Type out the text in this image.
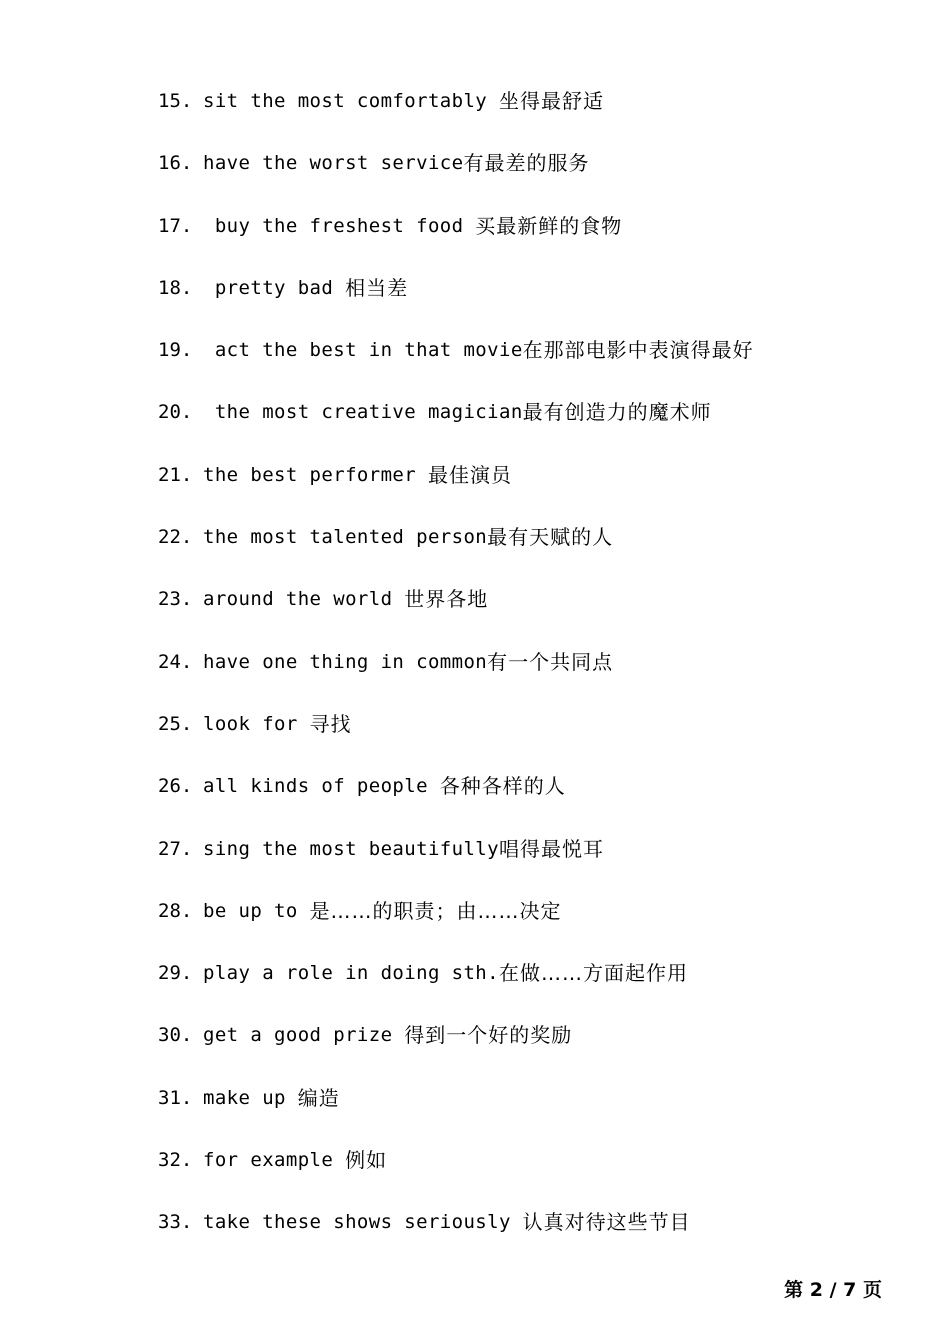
15. sit the most comfortably 坐得最舒适
16. have the worst service 有最差的服务
17. buy the freshest food 买最新鲜的食物
18. pretty bad 相当差
19. act the best in that movie 在那部电影中表演得最好
20. the most creative magician 最有创造力的魔术师
21. the best performer 最佳演员
22. the most talented person 最有天赋的人
23. around the world 世界各地
24. have one thing in common 有一个共同点
25. look for 寻找
26. all kinds of people 各种各样的人
27. sing the most beautifully 唱得最悦耳
28. be up to 是……的职责；由……决定
29. play a role in doing sth. 在做……方面起作用
30. get a good prize 得到一个好的奖励
31. make up 编造
32. for example 例如
33. take these shows seriously 认真对待这些节目
第 2 / 7 页
